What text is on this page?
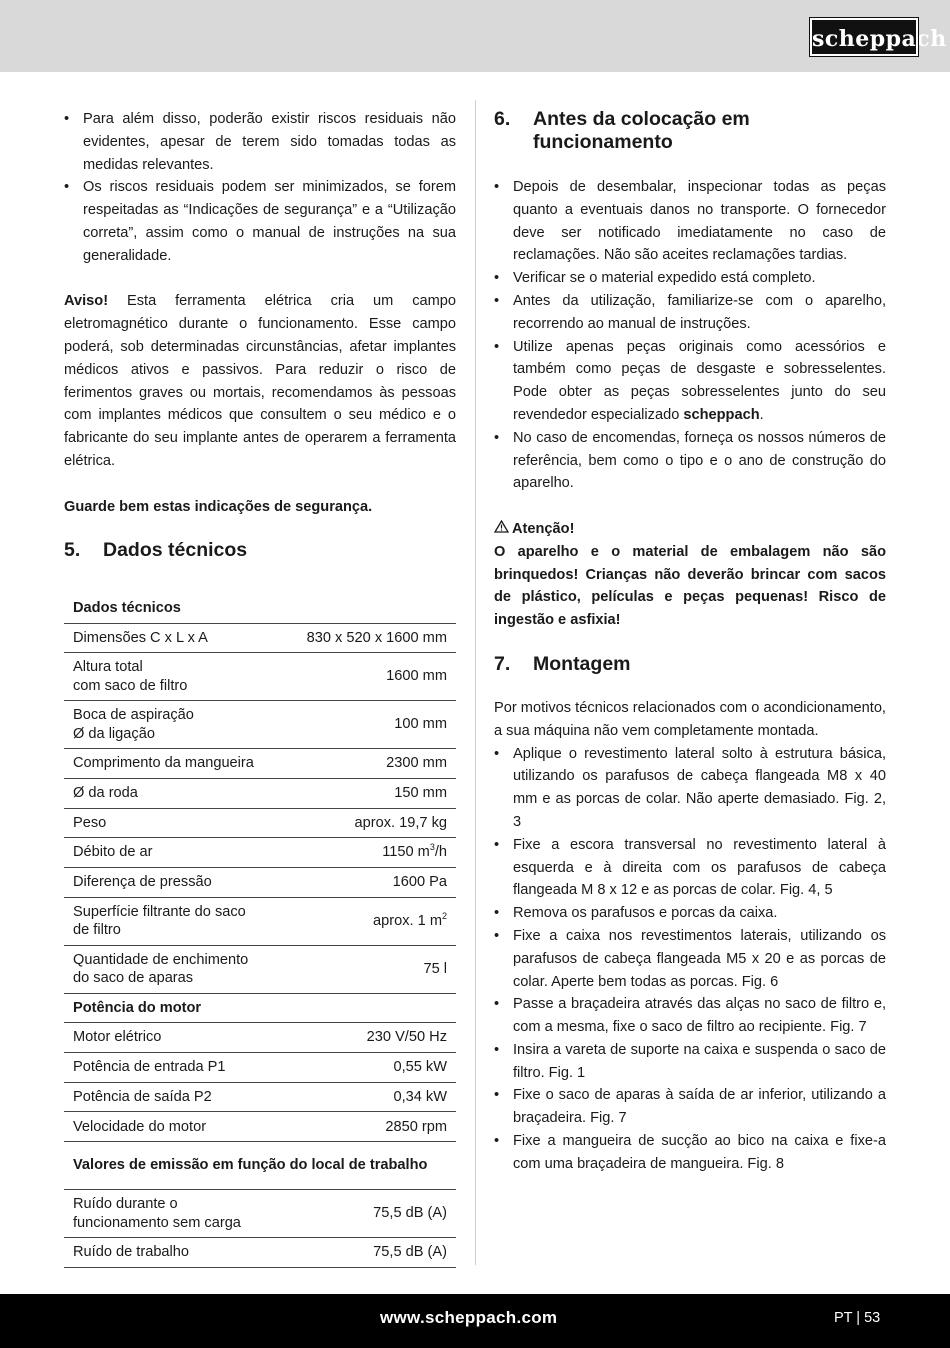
scheppach
• Para além disso, poderão existir riscos residuais não evidentes, apesar de terem sido tomadas todas as medidas relevantes.
• Os riscos residuais podem ser minimizados, se forem respeitadas as “Indicações de segurança” e a “Utilização correta”, assim como o manual de instruções na sua generalidade.

Aviso! Esta ferramenta elétrica cria um campo eletromagnético durante o funcionamento. Esse campo poderá, sob determinadas circunstâncias, afetar implantes médicos ativos e passivos. Para reduzir o risco de ferimentos graves ou mortais, recomendamos às pessoas com implantes médicos que consultem o seu médico e o fabricante do seu implante antes de operarem a ferramenta elétrica.

Guarde bem estas indicações de segurança.

5.	Dados técnicos
Dados técnicos	
Dimensões C x L x A	830 x 520 x 1600 mm
Altura total
com saco de filtro	1600 mm
Boca de aspiração
Ø da ligação	100 mm
Comprimento da mangueira	2300 mm
Ø da roda	150 mm
Peso	aprox. 19,7 kg
Débito de ar	1150 $m^3/h$
Diferença de pressão	1600 Pa
Superfície filtrante do saco
de filtro	aprox. 1 $m^2$
Quantidade de enchimento
do saco de aparas	75 l
Potência do motor	
Motor elétrico	230 V/50 Hz
Potência de entrada P1	0,55 kW
Potência de saída P2	0,34 kW
Velocidade do motor	2850 rpm
Valores de emissão em função do local de trabalho	
Ruído durante o
funcionamento sem carga	75,5 dB (A)
Ruído de trabalho	75,5 dB (A)
6.	Antes da colocação em funcionamento
• Depois de desembalar, inspecionar todas as peças quanto a eventuais danos no transporte. O fornecedor deve ser notificado imediatamente no caso de reclamações. Não são aceites reclamações tardias.
• Verificar se o material expedido está completo.
• Antes da utilização, familiarize-se com o aparelho, recorrendo ao manual de instruções.
• Utilize apenas peças originais como acessórios e também como peças de desgaste e sobresselentes. Pode obter as peças sobresselentes junto do seu revendedor especializado scheppach.
• No caso de encomendas, forneça os nossos números de referência, bem como o tipo e o ano de construção do aparelho.

Atenção!

O aparelho e o material de embalagem não são brinquedos! Crianças não deverão brincar com sacos de plástico, películas e peças pequenas! Risco de ingestão e asfixia!

7.	Montagem

Por motivos técnicos relacionados com o acondicionamento, a sua máquina não vem completamente montada.

• Aplique o revestimento lateral solto à estrutura básica, utilizando os parafusos de cabeça flangeada M8 x 40 mm e as porcas de colar. Não aperte demasiado. Fig. 2, 3
• Fixe a escora transversal no revestimento lateral à esquerda e à direita com os parafusos de cabeça flangeada M 8 x 12 e as porcas de colar. Fig. 4, 5
• Remova os parafusos e porcas da caixa.
• Fixe a caixa nos revestimentos laterais, utilizando os parafusos de cabeça flangeada M5 x 20 e as porcas de colar. Aperte bem todas as porcas. Fig. 6
• Passe a braçadeira através das alças no saco de filtro e, com a mesma, fixe o saco de filtro ao recipiente. Fig. 7
• Insira a vareta de suporte na caixa e suspenda o saco de filtro. Fig. 1
• Fixe o saco de aparas à saída de ar inferior, utilizando a braçadeira. Fig. 7
• Fixe a mangueira de sucção ao bico na caixa e fixe-a com uma braçadeira de mangueira. Fig. 8
www.scheppach.com	PT | 53
